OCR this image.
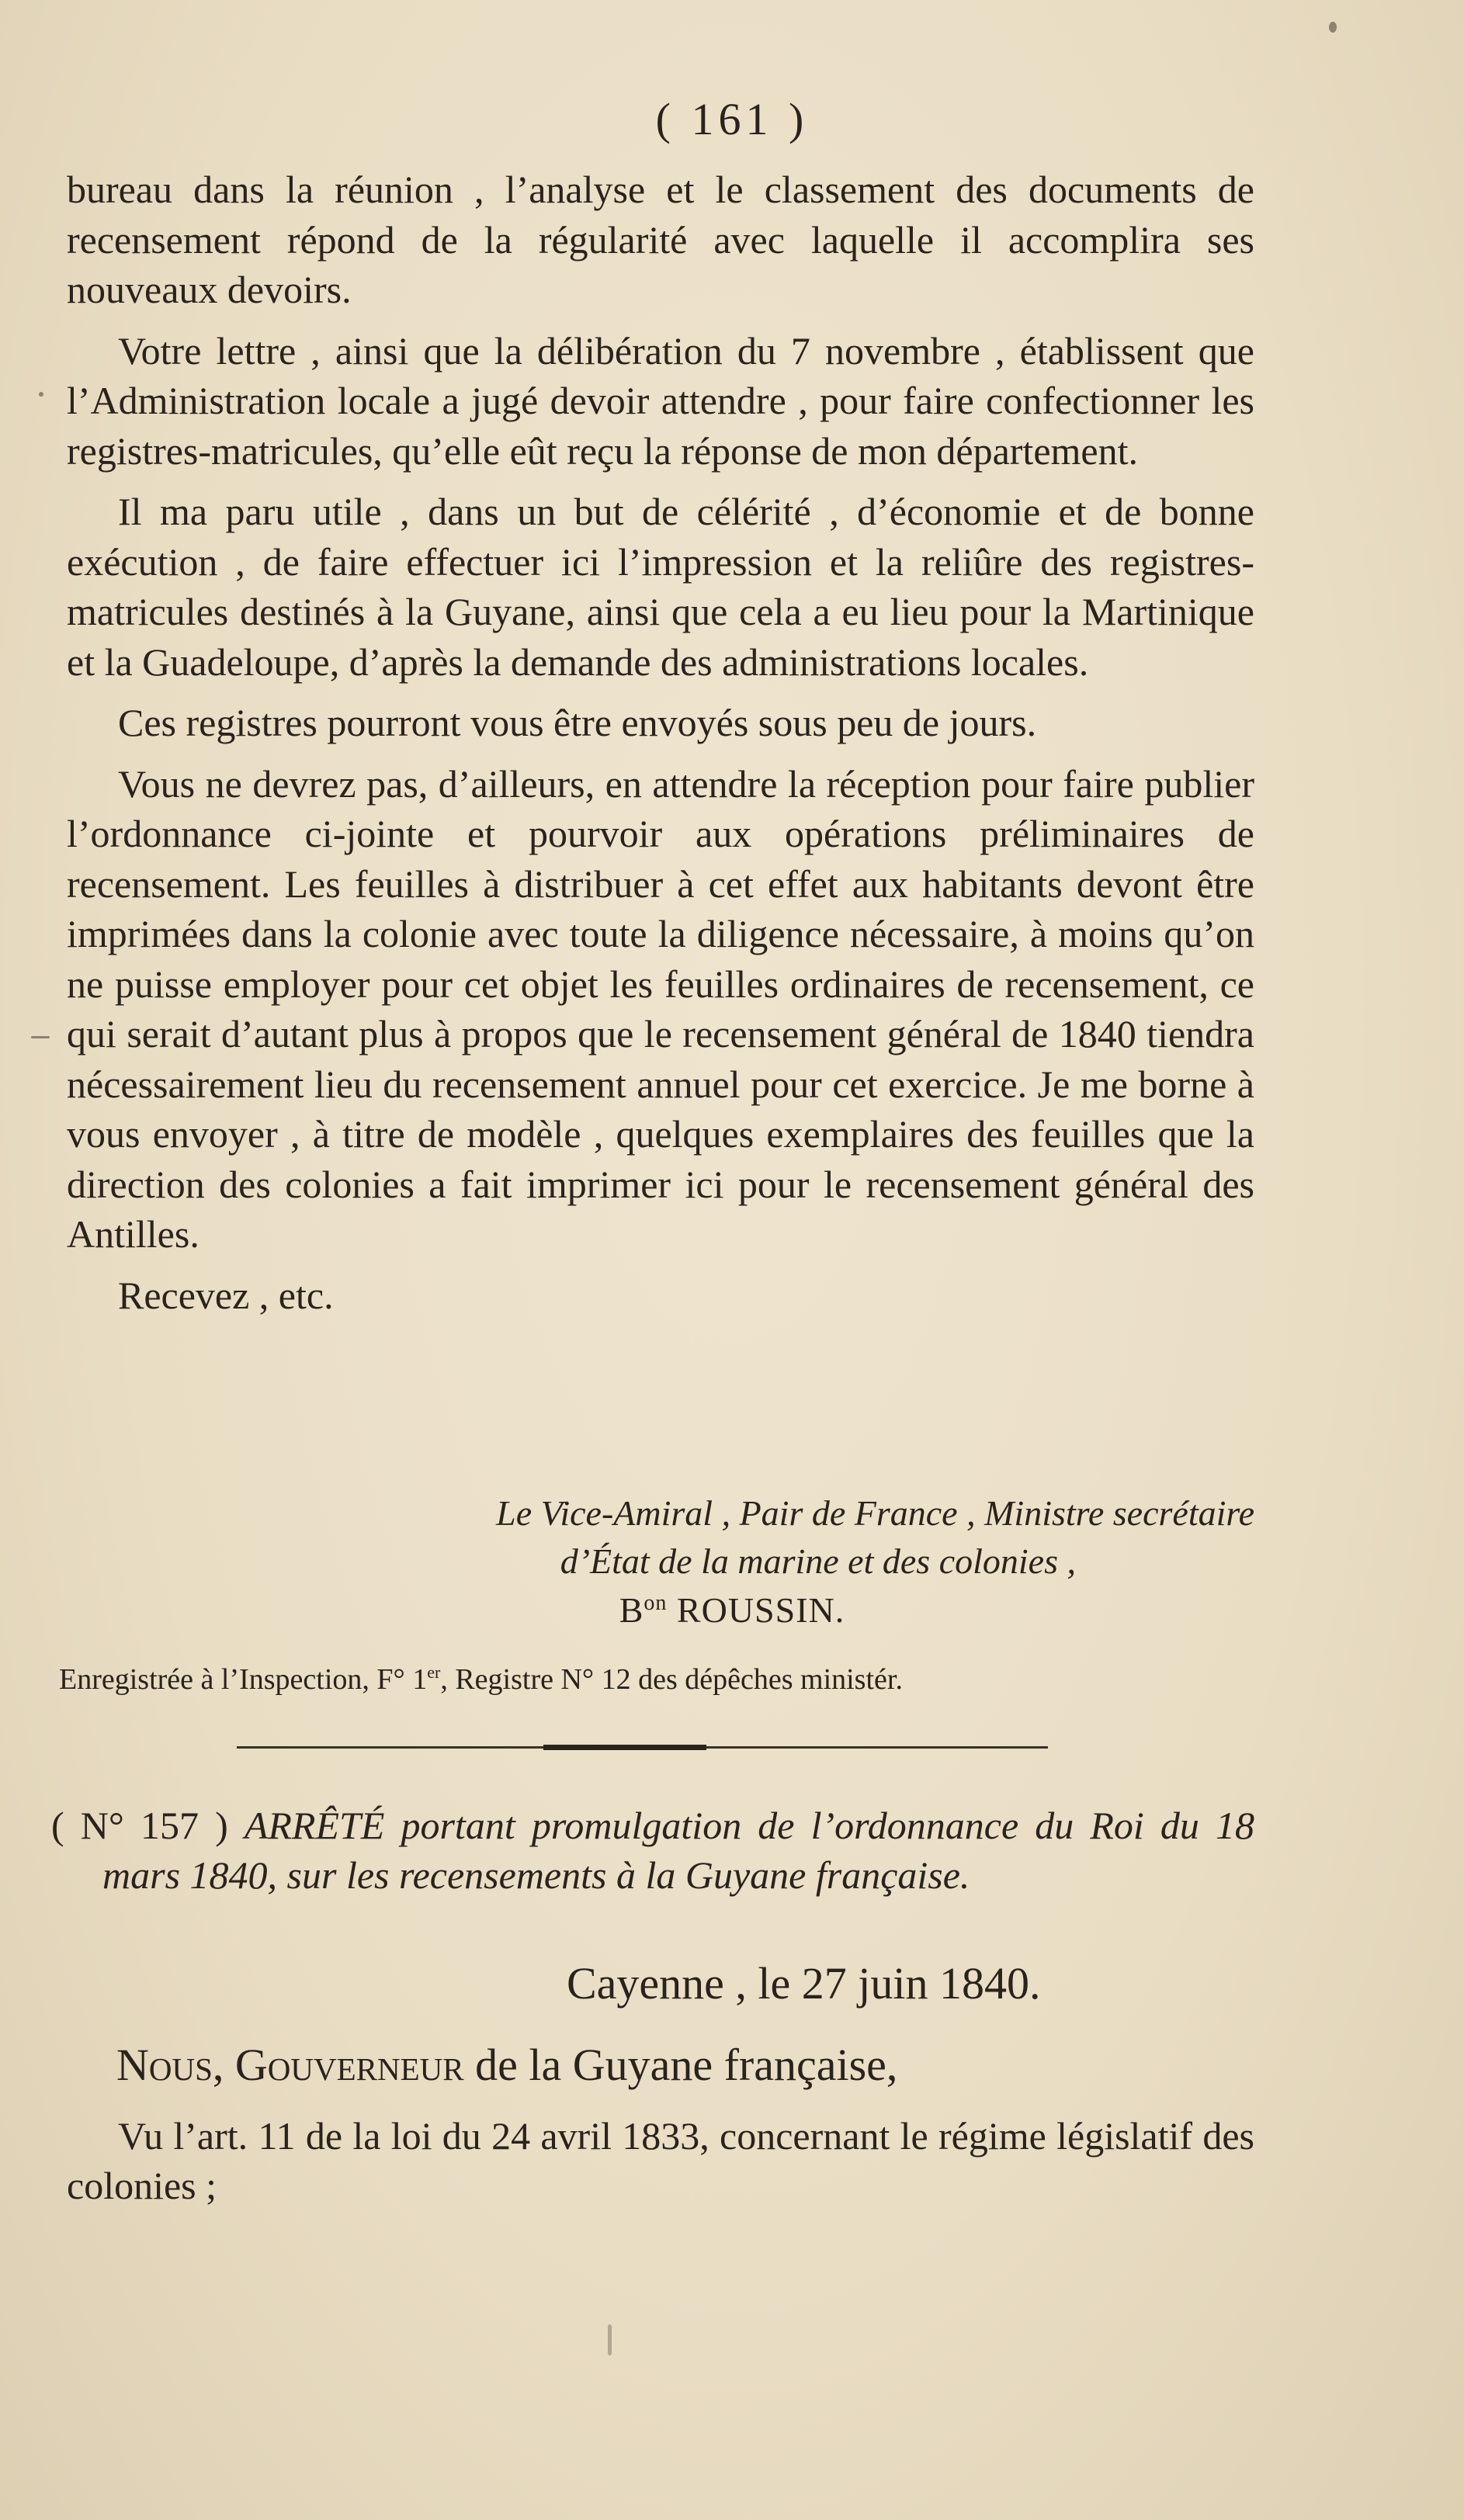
( 161 )

bureau dans la réunion , l’analyse et le classement des documents de recensement répond de la régularité avec laquelle il accomplira ses nouveaux devoirs.

Votre lettre , ainsi que la délibération du 7 novembre , établissent que l’Administration locale a jugé devoir attendre , pour faire confectionner les registres-matricules, qu’elle eût reçu la réponse de mon département.

Il ma paru utile , dans un but de célérité , d’économie et de bonne exécution , de faire effectuer ici l’impression et la reliûre des registres-matricules destinés à la Guyane, ainsi que cela a eu lieu pour la Martinique et la Guadeloupe, d’après la demande des administrations locales.

Ces registres pourront vous être envoyés sous peu de jours.

Vous ne devrez pas, d’ailleurs, en attendre la réception pour faire publier l’ordonnance ci-jointe et pourvoir aux opérations préliminaires de recensement. Les feuilles à distribuer à cet effet aux habitants devont être imprimées dans la colonie avec toute la diligence nécessaire, à moins qu’on ne puisse employer pour cet objet les feuilles ordinaires de recensement, ce qui serait d’autant plus à propos que le recensement général de 1840 tiendra nécessairement lieu du recensement annuel pour cet exercice. Je me borne à vous envoyer , à titre de modèle , quelques exemplaires des feuilles que la direction des colonies a fait imprimer ici pour le recensement général des Antilles.

Recevez , etc.

Le Vice-Amiral , Pair de France , Ministre secrétaire
d’État de la marine et des colonies ,
$B^{on}$ ROUSSIN.
Enregistrée à l’Inspection, F° 1er, Registre N° 12 des dépêches ministér.
( N° 157 ) ARRÊTÉ portant promulgation de l’ordonnance du Roi du 18 mars 1840, sur les recensements à la Guyane française.
Cayenne , le 27 juin 1840.
Nous, Gouverneur de la Guyane française,

Vu l’art. 11 de la loi du 24 avril 1833, concernant le régime législatif des colonies ;
